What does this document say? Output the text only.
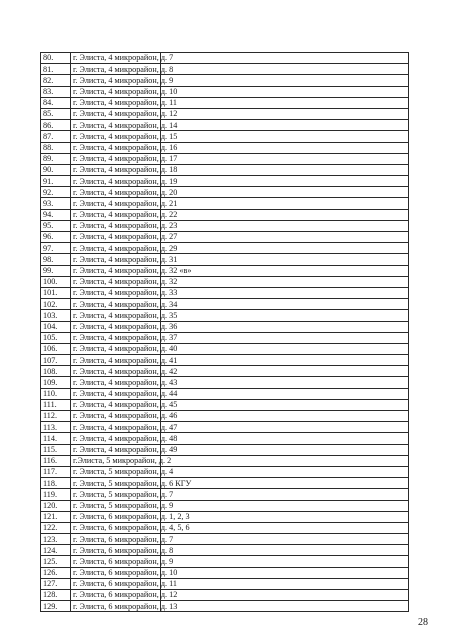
80.	г. Элиста, 4 микрорайон, д. 7	
81.	г. Элиста, 4 микрорайон, д. 8	
82.	г. Элиста, 4 микрорайон, д. 9	
83.	г. Элиста, 4 микрорайон, д. 10	
84.	г. Элиста, 4 микрорайон, д. 11	
85.	г. Элиста, 4 микрорайон, д. 12	
86.	г. Элиста, 4 микрорайон, д. 14	
87.	г. Элиста, 4 микрорайон, д. 15	
88.	г. Элиста, 4 микрорайон, д. 16	
89.	г. Элиста, 4 микрорайон, д. 17	
90.	г. Элиста, 4 микрорайон, д. 18	
91.	г. Элиста, 4 микрорайон, д. 19	
92.	г. Элиста, 4 микрорайон, д. 20	
93.	г. Элиста, 4 микрорайон, д. 21	
94.	г. Элиста, 4 микрорайон, д. 22	
95.	г. Элиста, 4 микрорайон, д. 23	
96.	г. Элиста, 4 микрорайон, д. 27	
97.	г. Элиста, 4 микрорайон, д. 29	
98.	г. Элиста, 4 микрорайон, д. 31	
99.	г. Элиста, 4 микрорайон, д. 32 «в»	
100.	г. Элиста, 4 микрорайон, д. 32	
101.	г. Элиста, 4 микрорайон, д. 33	
102.	г. Элиста, 4 микрорайон, д. 34	
103.	г. Элиста, 4 микрорайон, д. 35	
104.	г. Элиста, 4 микрорайон, д. 36	
105.	г. Элиста, 4 микрорайон, д. 37	
106.	г. Элиста, 4 микрорайон, д. 40	
107.	г. Элиста, 4 микрорайон, д. 41	
108.	г. Элиста, 4 микрорайон, д. 42	
109.	г. Элиста, 4 микрорайон, д. 43	
110.	г. Элиста, 4 микрорайон, д. 44	
111.	г. Элиста, 4 микрорайон, д. 45	
112.	г. Элиста, 4 микрорайон, д. 46	
113.	г. Элиста, 4 микрорайон, д. 47	
114.	г. Элиста, 4 микрорайон, д. 48	
115.	г. Элиста, 4 микрорайон, д. 49	
116.	г.Элиста, 5 микрорайон, д. 2	
117.	г. Элиста, 5 микрорайон, д. 4	
118.	г. Элиста, 5 микрорайон, д. 6 КГУ	
119.	г. Элиста, 5 микрорайон, д. 7	
120.	г. Элиста, 5 микрорайон, д. 9	
121.	г. Элиста, 6 микрорайон, д. 1, 2, 3	
122.	г. Элиста, 6 микрорайон, д. 4, 5, 6	
123.	г. Элиста, 6 микрорайон, д. 7	
124.	г. Элиста, 6 микрорайон, д. 8	
125.	г. Элиста, 6 микрорайон, д. 9	
126.	г. Элиста, 6 микрорайон, д. 10	
127.	г. Элиста, 6 микрорайон, д. 11	
128.	г. Элиста, 6 микрорайон, д. 12	
129.	г. Элиста, 6 микрорайон, д. 13	
28
